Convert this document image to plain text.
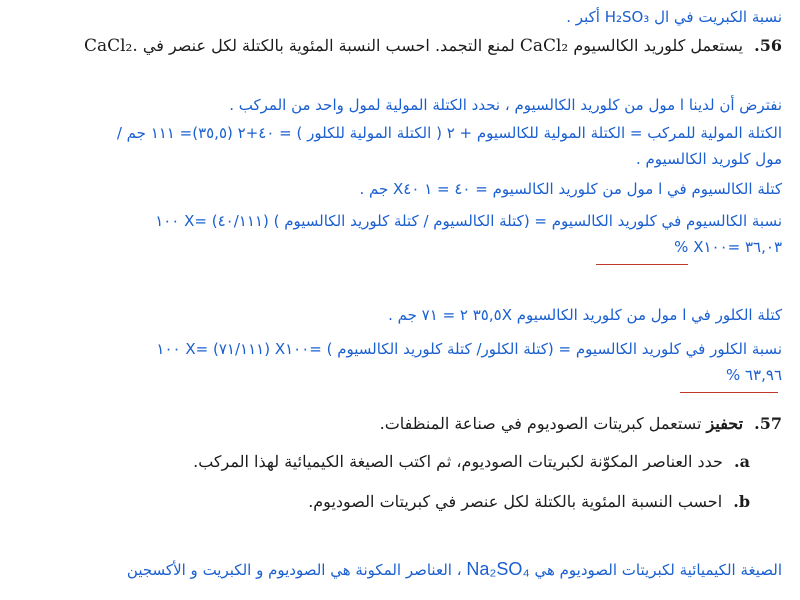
نسبة الكبريت في ال H₂SO₃ أكبر .
56. يستعمل كلوريد الكالسيوم CaCl₂ لمنع التجمد. احسب النسبة المئوية بالكتلة لكل عنصر في CaCl₂.
نفترض أن لدينا ا مول من كلوريد الكالسيوم ، نحدد الكتلة المولية لمول واحد من المركب .
الكتلة المولية للمركب = الكتلة المولية للكالسيوم + ٢ ( الكتلة المولية للكلور ) = ٤٠+٢ (٣٥,٥)= ١١١ جم /
مول كلوريد الكالسيوم .
كتلة الكالسيوم في ا مول من كلوريد الكالسيوم = ٤٠ = ١ X٤٠ جم .
نسبة الكالسيوم في كلوريد الكالسيوم = (كتلة الكالسيوم / كتلة كلوريد الكالسيوم ) (٤٠/١١١) =X ١٠٠
٣٦,٠٣ =X١٠٠ %
كتلة الكلور في ا مول من كلوريد الكالسيوم ٣٥,٥X ٢ = ٧١ جم .
نسبة الكلور في كلوريد الكالسيوم = (كتلة الكلور/ كتلة كلوريد الكالسيوم ) =X١٠٠ (٧١/١١١) =X ١٠٠
٦٣,٩٦ %
57. تحفيز تستعمل كبريتات الصوديوم في صناعة المنظفات.
a. حدد العناصر المكوّنة لكبريتات الصوديوم، ثم اكتب الصيغة الكيميائية لهذا المركب.
b. احسب النسبة المئوية بالكتلة لكل عنصر في كبريتات الصوديوم.
الصيغة الكيميائية لكبريتات الصوديوم هي Na₂SO₄ ، العناصر المكونة هي الصوديوم و الكبريت و الأكسجين
